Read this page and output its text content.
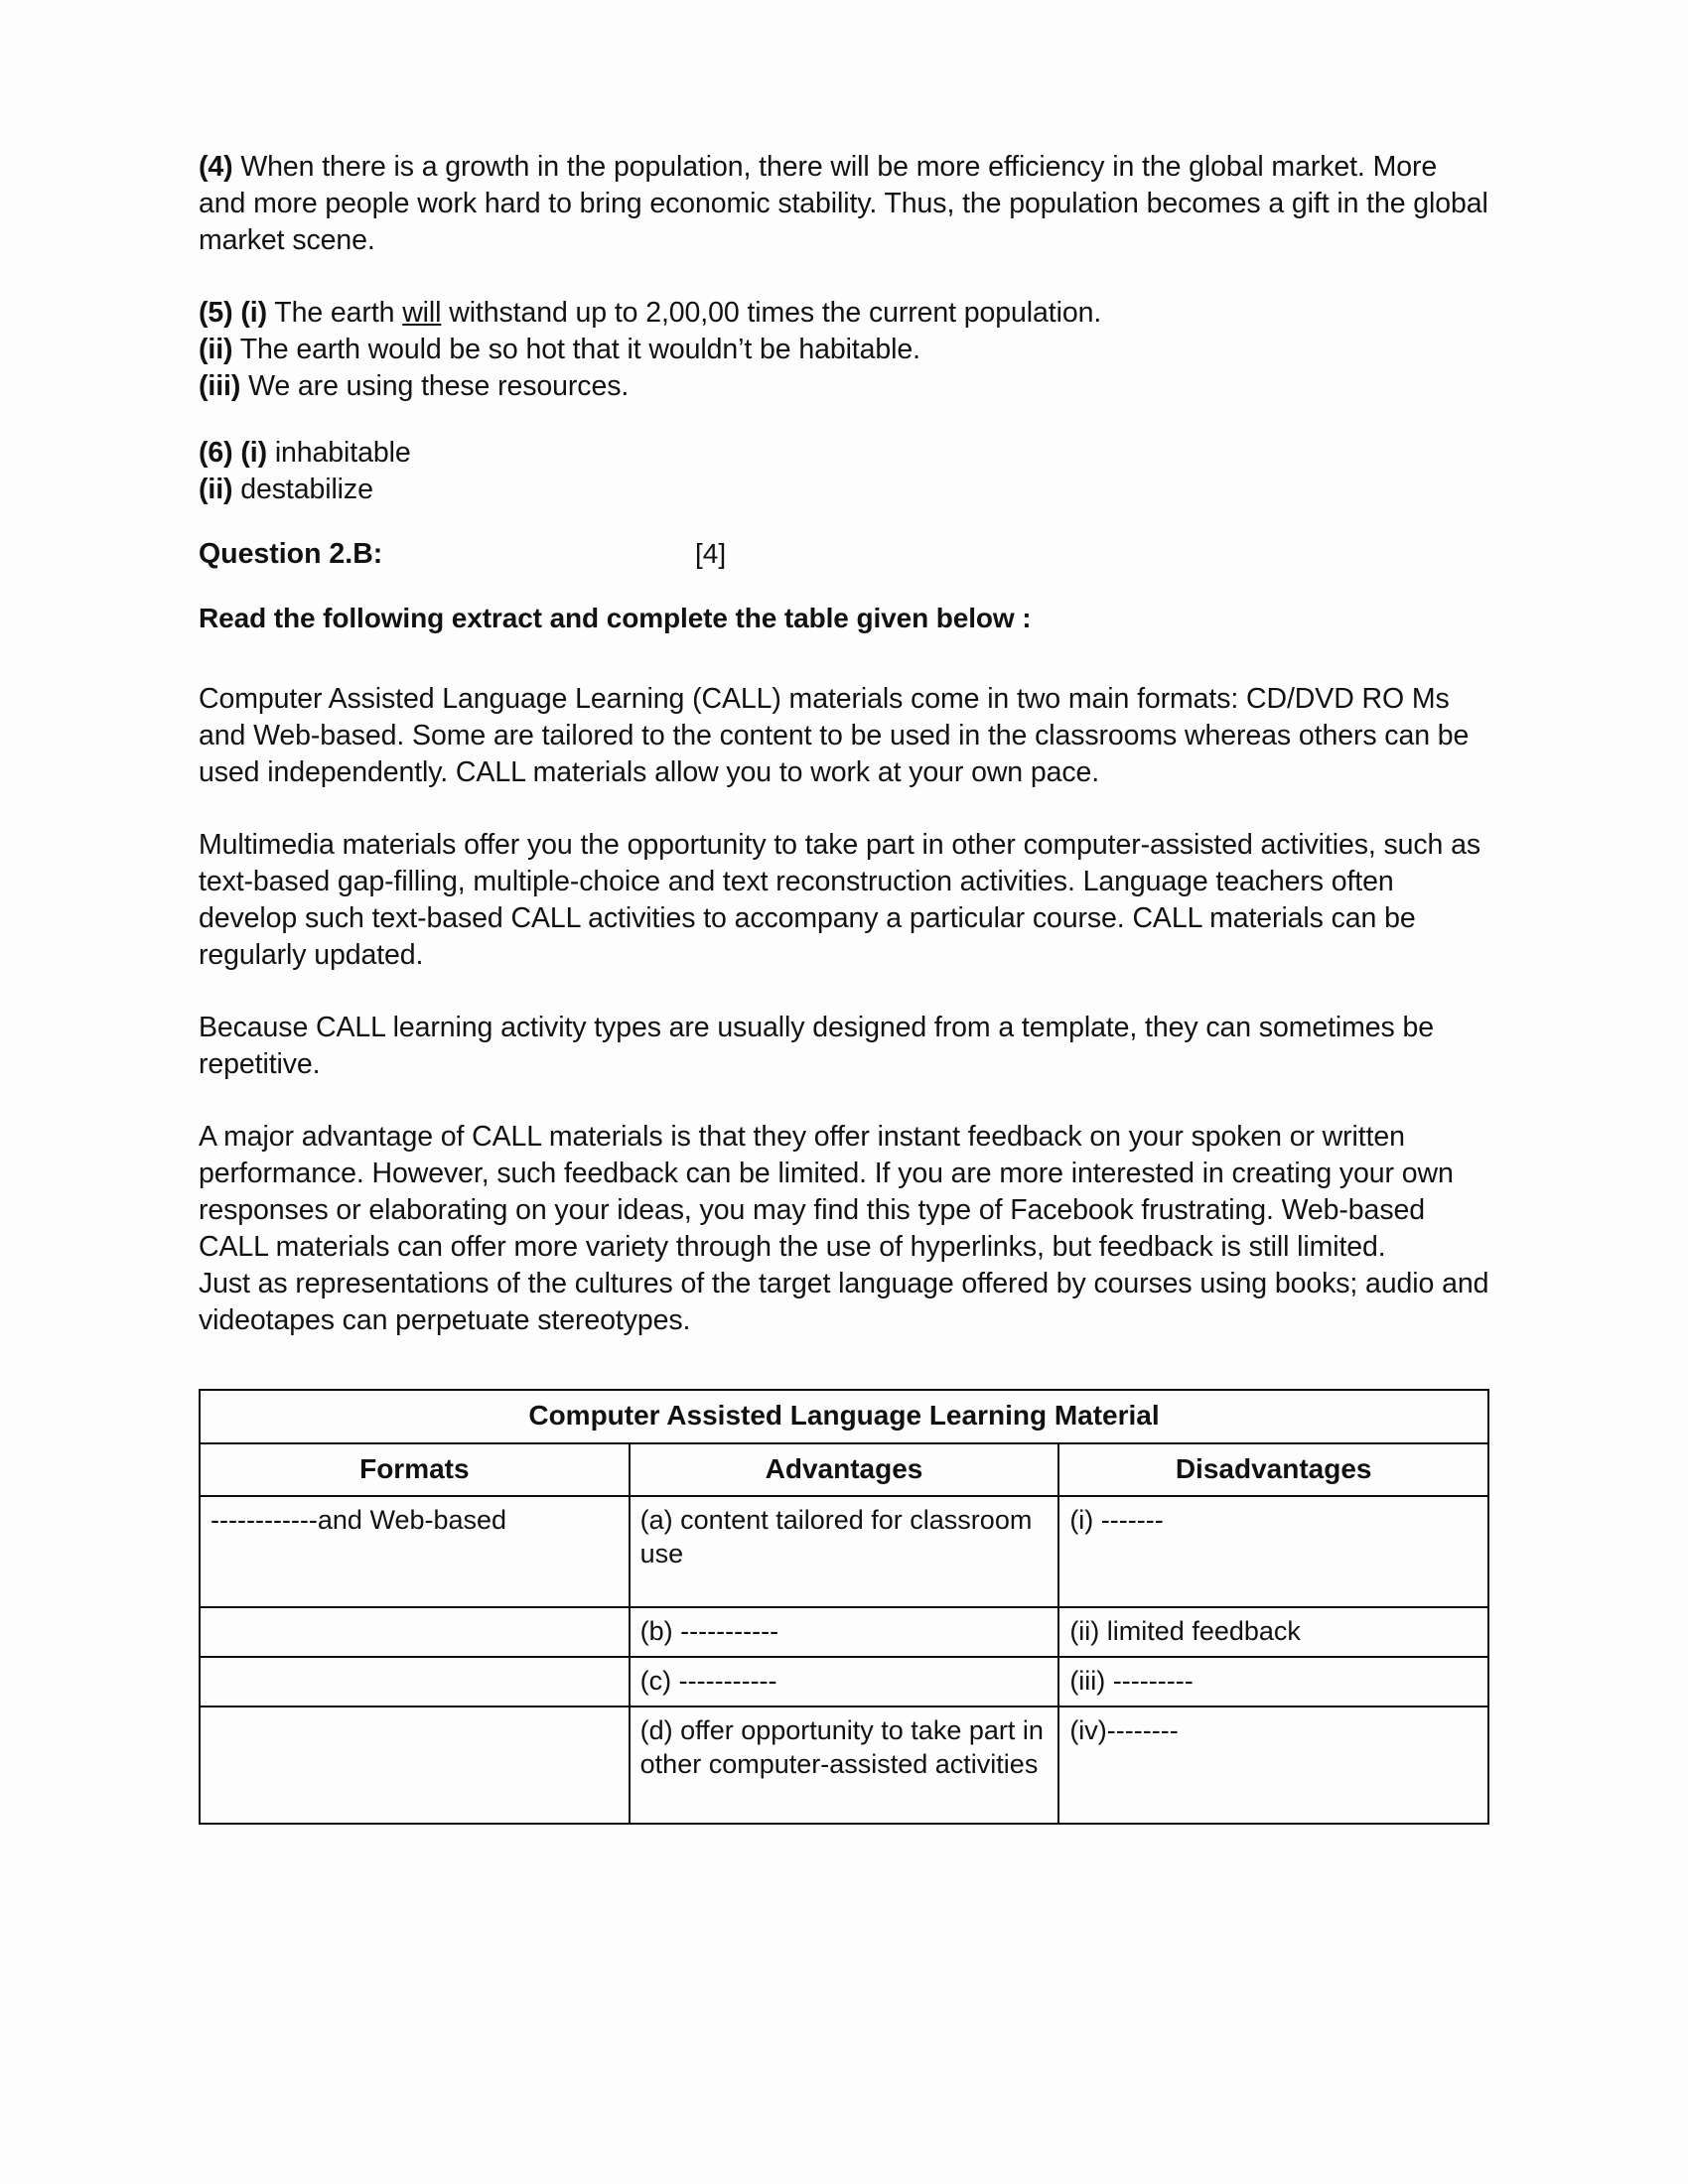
(4) When there is a growth in the population, there will be more efficiency in the global market. More and more people work hard to bring economic stability. Thus, the population becomes a gift in the global market scene.

(5) (i) The earth will withstand up to 2,00,00 times the current population.
(ii) The earth would be so hot that it wouldn’t be habitable.
(iii) We are using these resources.
(6) (i) inhabitable
(ii) destabilize
Question 2.B:	[4]

Read the following extract and complete the table given below :

Computer Assisted Language Learning (CALL) materials come in two main formats: CD/DVD RO Ms and Web-based. Some are tailored to the content to be used in the classrooms whereas others can be used independently. CALL materials allow you to work at your own pace.

Multimedia materials offer you the opportunity to take part in other computer-assisted activities, such as text-based gap-filling, multiple-choice and text reconstruction activities. Language teachers often develop such text-based CALL activities to accompany a particular course. CALL materials can be regularly updated.

Because CALL learning activity types are usually designed from a template, they can sometimes be repetitive.

A major advantage of CALL materials is that they offer instant feedback on your spoken or written performance. However, such feedback can be limited. If you are more interested in creating your own responses or elaborating on your ideas, you may find this type of Facebook frustrating. Web-based CALL materials can offer more variety through the use of hyperlinks, but feedback is still limited.

Just as representations of the cultures of the target language offered by courses using books; audio and videotapes can perpetuate stereotypes.

Computer Assisted Language Learning Material		
Formats	Advantages	Disadvantages
------------and Web-based	(a) content tailored for classroom use	(i) -------
	(b) -----------	(ii) limited feedback
	(c) -----------	(iii) ---------
	(d) offer opportunity to take part in other computer-assisted activities	(iv)--------
